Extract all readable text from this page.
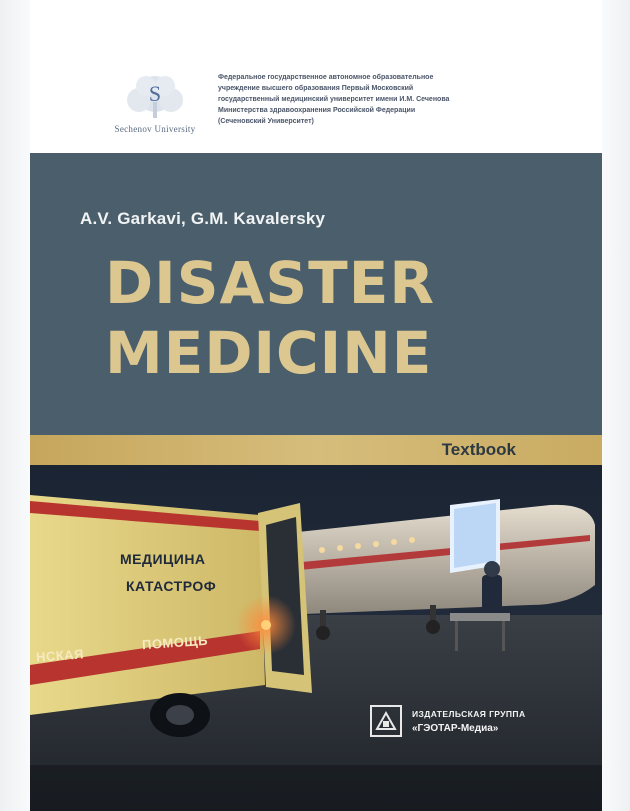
S
Sechenov University
Федеральное государственное автономное образовательное
учреждение высшего образования Первый Московский
государственный медицинский университет имени И.М. Сеченова
Министерства здравоохранения Российской Федерации
(Сеченовский Университет)
A.V. Garkavi, G.M. Kavalersky
DISASTER
MEDICINE
Textbook
МЕДИЦИНА
КАТАСТРОФ
ПОМОЩЬ
НСКАЯ
ИЗДАТЕЛЬСКАЯ ГРУППА
«ГЭОТАР-Медиа»
